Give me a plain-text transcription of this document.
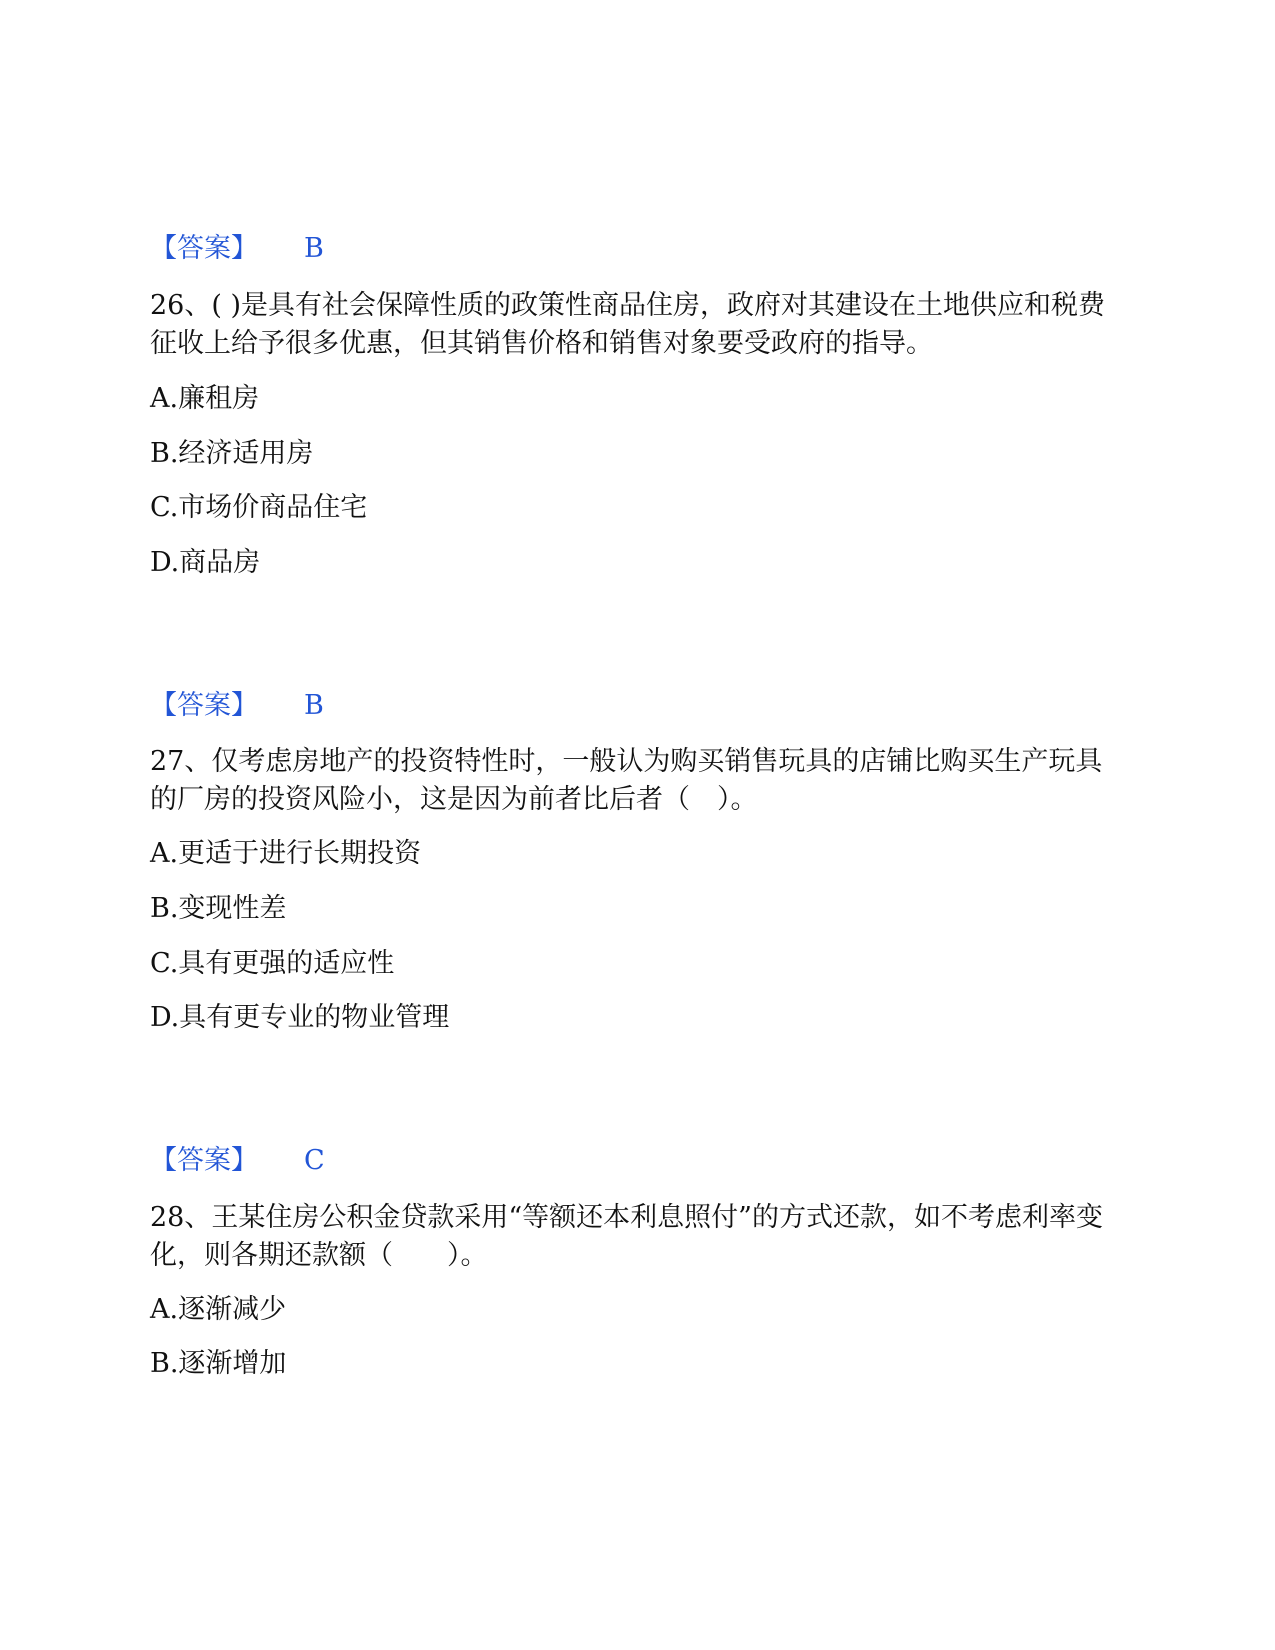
【答案】 B
26、( )是具有社会保障性质的政策性商品住房，政府对其建设在土地供应和税费征收上给予很多优惠，但其销售价格和销售对象要受政府的指导。
A.廉租房
B.经济适用房
C.市场价商品住宅
D.商品房
【答案】 B
27、仅考虑房地产的投资特性时，一般认为购买销售玩具的店铺比购买生产玩具的厂房的投资风险小，这是因为前者比后者（　）。
A.更适于进行长期投资
B.变现性差
C.具有更强的适应性
D.具有更专业的物业管理
【答案】 C
28、王某住房公积金贷款采用“等额还本利息照付”的方式还款，如不考虑利率变化，则各期还款额（　　）。
A.逐渐减少
B.逐渐增加
